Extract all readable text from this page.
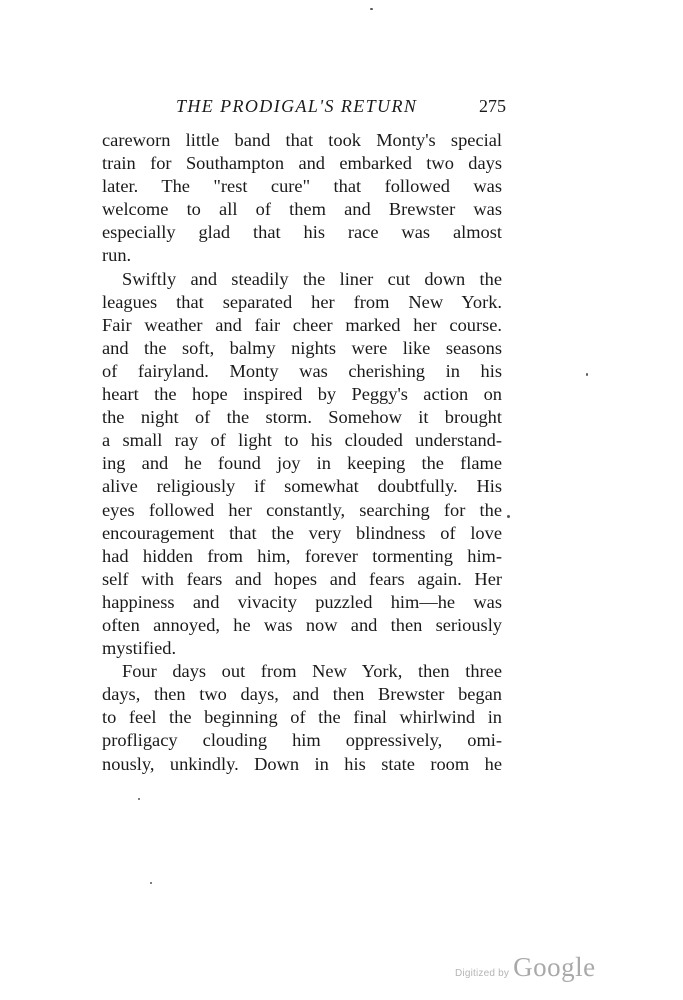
THE PRODIGAL'S RETURN	275
careworn little band that took Monty's special
train for Southampton and embarked two days
later. The "rest cure" that followed was
welcome to all of them and Brewster was
especially glad that his race was almost
run.
Swiftly and steadily the liner cut down the
leagues that separated her from New York.
Fair weather and fair cheer marked her course.
and the soft, balmy nights were like seasons
of fairyland. Monty was cherishing in his
heart the hope inspired by Peggy's action on
the night of the storm. Somehow it brought
a small ray of light to his clouded understand-
ing and he found joy in keeping the flame
alive religiously if somewhat doubtfully. His
eyes followed her constantly, searching for the
encouragement that the very blindness of love
had hidden from him, forever tormenting him-
self with fears and hopes and fears again. Her
happiness and vivacity puzzled him—he was
often annoyed, he was now and then seriously
mystified.
Four days out from New York, then three
days, then two days, and then Brewster began
to feel the beginning of the final whirlwind in
profligacy clouding him oppressively, omi-
nously, unkindly. Down in his state room he
Digitized by Google
